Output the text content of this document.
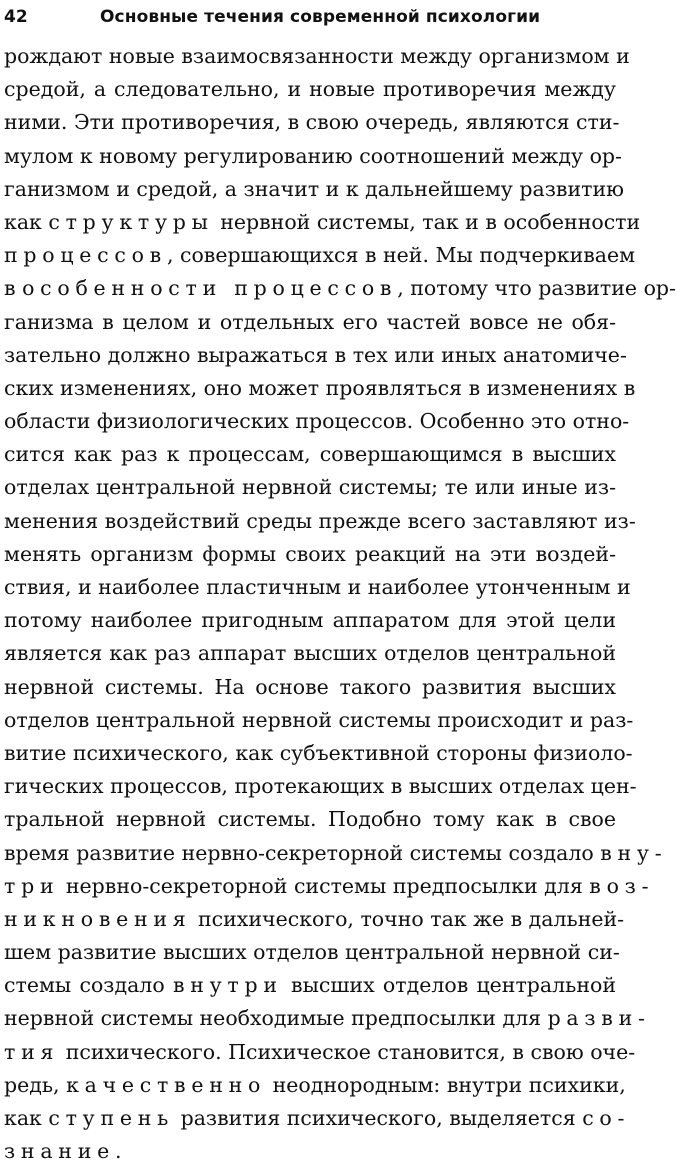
42	Основные течения современной психологии
рождают новые взаимосвязанности между организмом и
средой, а следовательно, и новые противоречия между
ними. Эти противоречия, в свою очередь, являются сти-
мулом к новому регулированию соотношений между ор-
ганизмом и средой, а значит и к дальнейшему развитию
как структуры нервной системы, так и в особенности
процессов, совершающихся в ней. Мы подчеркиваем
в особенности процессов, потому что развитие ор-
ганизма в целом и отдельных его частей вовсе не обя-
зательно должно выражаться в тех или иных анатомиче-
ских изменениях, оно может проявляться в изменениях в
области физиологических процессов. Особенно это отно-
сится как раз к процессам, совершающимся в высших
отделах центральной нервной системы; те или иные из-
менения воздействий среды прежде всего заставляют из-
менять организм формы своих реакций на эти воздей-
ствия, и наиболее пластичным и наиболее утонченным и
потому наиболее пригодным аппаратом для этой цели
является как раз аппарат высших отделов центральной
нервной системы. На основе такого развития высших
отделов центральной нервной системы происходит и раз-
витие психического, как субъективной стороны физиоло-
гических процессов, протекающих в высших отделах цен-
тральной нервной системы. Подобно тому как в свое
время развитие нервно-секреторной системы создало вну-
три нервно-секреторной системы предпосылки для воз-
никновения психического, точно так же в дальней-
шем развитие высших отделов центральной нервной си-
стемы создало внутри высших отделов центральной
нервной системы необходимые предпосылки для разви-
тия психического. Психическое становится, в свою оче-
редь, качественно неоднородным: внутри психики,
как ступень развития психического, выделяется со-
знание.
